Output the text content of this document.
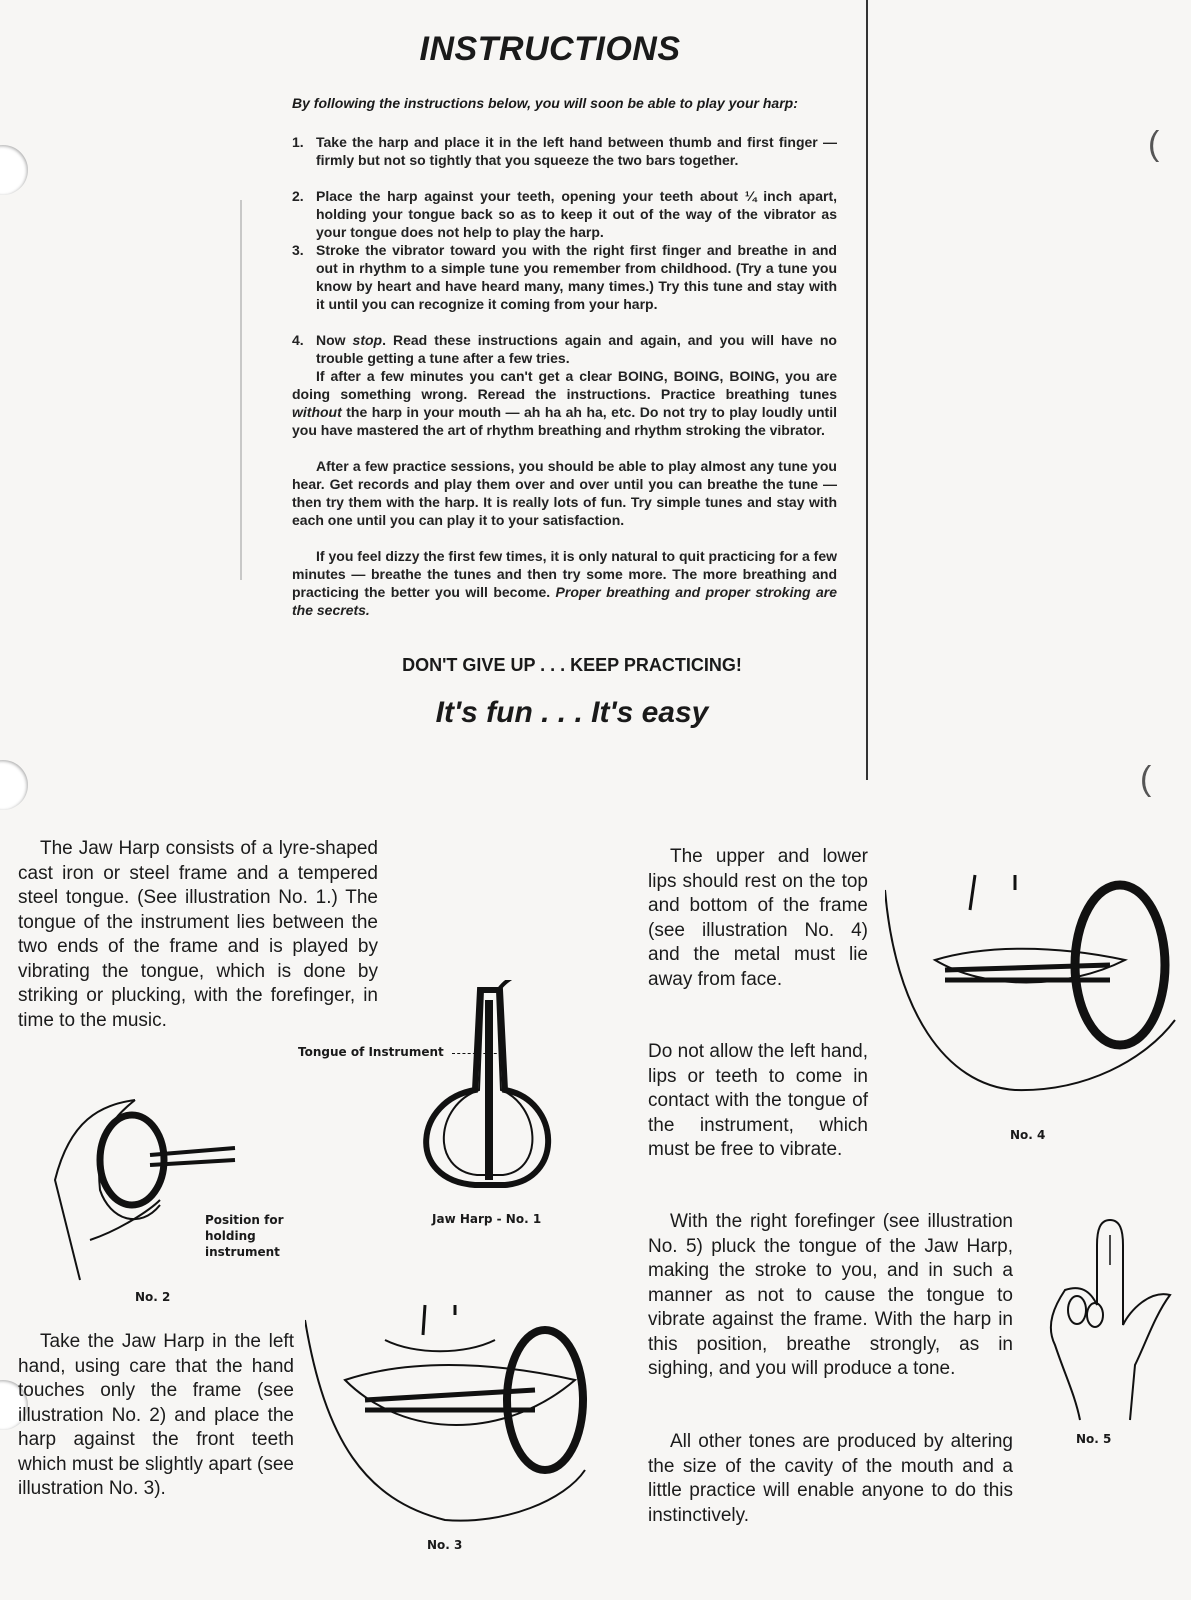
(
(
INSTRUCTIONS
By following the instructions below, you will soon be able to play your harp:
1. Take the harp and place it in the left hand between thumb and first finger — firmly but not so tightly that you squeeze the two bars together.
2. Place the harp against your teeth, opening your teeth about ¼ inch apart, holding your tongue back so as to keep it out of the way of the vibrator as your tongue does not help to play the harp.
3. Stroke the vibrator toward you with the right first finger and breathe in and out in rhythm to a simple tune you remember from childhood. (Try a tune you know by heart and have heard many, many times.) Try this tune and stay with it until you can recognize it coming from your harp.
4. Now stop. Read these instructions again and again, and you will have no trouble getting a tune after a few tries.
If after a few minutes you can't get a clear BOING, BOING, BOING, you are doing something wrong. Reread the instructions. Practice breathing tunes without the harp in your mouth — ah ha ah ha, etc. Do not try to play loudly until you have mastered the art of rhythm breathing and rhythm stroking the vibrator.
After a few practice sessions, you should be able to play almost any tune you hear. Get records and play them over and over until you can breathe the tune — then try them with the harp. It is really lots of fun. Try simple tunes and stay with each one until you can play it to your satisfaction.
If you feel dizzy the first few times, it is only natural to quit practicing for a few minutes — breathe the tunes and then try some more. The more breathing and practicing the better you will become. Proper breathing and proper stroking are the secrets.
DON'T GIVE UP . . . KEEP PRACTICING!
It's fun . . . It's easy
The Jaw Harp consists of a lyre-shaped cast iron or steel frame and a tempered steel tongue. (See illustration No. 1.) The tongue of the instrument lies between the two ends of the frame and is played by vibrating the tongue, which is done by striking or plucking, with the forefinger, in time to the music.
Take the Jaw Harp in the left hand, using care that the hand touches only the frame (see illustration No. 2) and place the harp against the front teeth which must be slightly apart (see illustration No. 3).
The upper and lower lips should rest on the top and bottom of the frame (see illustration No. 4) and the metal must lie away from face.
Do not allow the left hand, lips or teeth to come in contact with the tongue of the instrument, which must be free to vibrate.
With the right forefinger (see illustration No. 5) pluck the tongue of the Jaw Harp, making the stroke to you, and in such a manner as not to cause the tongue to vibrate against the frame. With the harp in this position, breathe strongly, as in sighing, and you will produce a tone.
All other tones are produced by altering the size of the cavity of the mouth and a little practice will enable anyone to do this instinctively.
Tongue of Instrument
Jaw Harp - No. 1
Position for holding instrument
No. 2
No. 3
No. 4
No. 5
